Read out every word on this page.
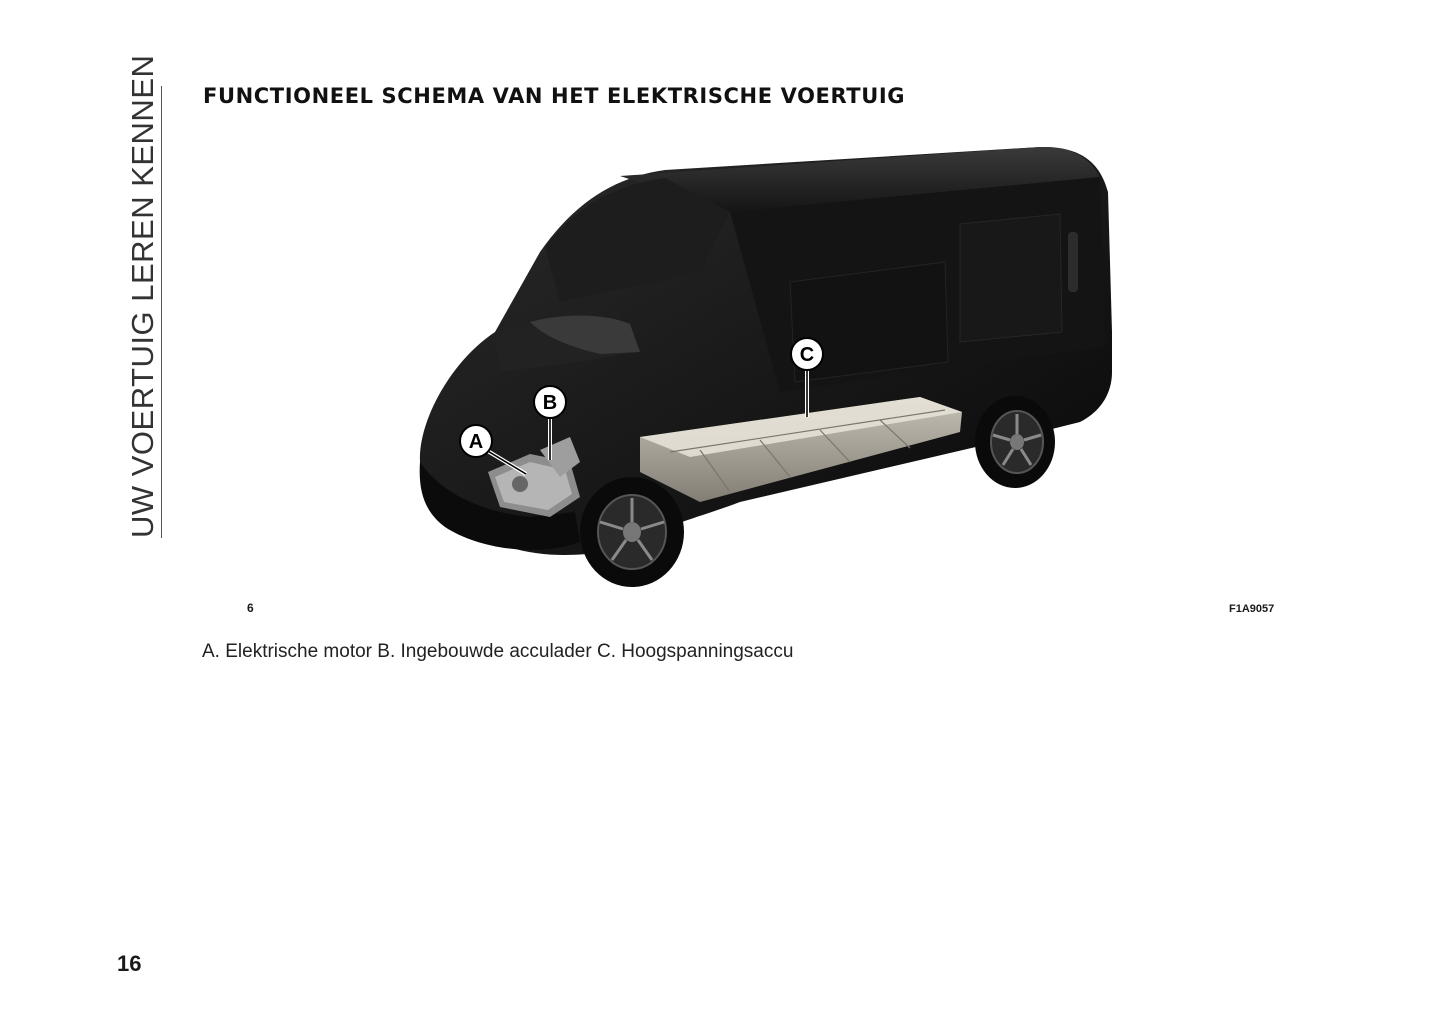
UW VOERTUIG LEREN KENNEN FUNCTIONEEL SCHEMA VAN HET ELEKTRISCHE VOERTUIG
A
B
C
6	F1A9057

A. Elektrische motor B. Ingebouwde acculader C. Hoogspanningsaccu

16
